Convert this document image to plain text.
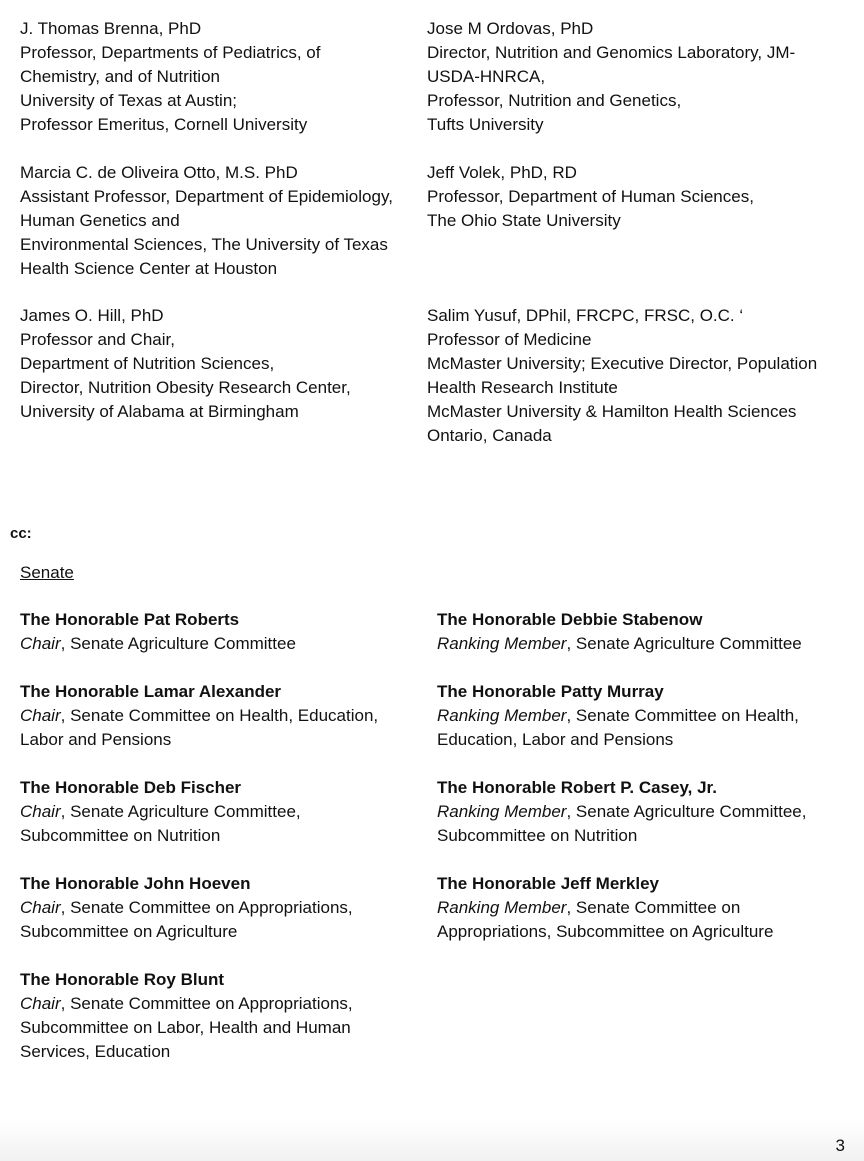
J. Thomas Brenna, PhD
Professor, Departments of Pediatrics, of
Chemistry, and of Nutrition
University of Texas at Austin;
Professor Emeritus, Cornell University
Jose M Ordovas, PhD
Director, Nutrition and Genomics Laboratory, JM-
USDA-HNRCA,
Professor, Nutrition and Genetics,
Tufts University
Marcia C. de Oliveira Otto, M.S. PhD
Assistant Professor, Department of Epidemiology,
Human Genetics and
Environmental Sciences, The University of Texas
Health Science Center at Houston
Jeff Volek, PhD, RD
Professor, Department of Human Sciences,
The Ohio State University
James O. Hill, PhD
Professor and Chair,
Department of Nutrition Sciences,
Director, Nutrition Obesity Research Center,
University of Alabama at Birmingham
Salim Yusuf, DPhil, FRCPC, FRSC, O.C. ‘
Professor of Medicine
McMaster University; Executive Director, Population
Health Research Institute
McMaster University & Hamilton Health Sciences
Ontario, Canada
cc:
Senate
The Honorable Pat Roberts
Chair, Senate Agriculture Committee
The Honorable Debbie Stabenow
Ranking Member, Senate Agriculture Committee
The Honorable Lamar Alexander
Chair, Senate Committee on Health, Education,
Labor and Pensions
The Honorable Patty Murray
Ranking Member, Senate Committee on Health,
Education, Labor and Pensions
The Honorable Deb Fischer
Chair, Senate Agriculture Committee,
Subcommittee on Nutrition
The Honorable Robert P. Casey, Jr.
Ranking Member, Senate Agriculture Committee,
Subcommittee on Nutrition
The Honorable John Hoeven
Chair, Senate Committee on Appropriations,
Subcommittee on Agriculture
The Honorable Jeff Merkley
Ranking Member, Senate Committee on
Appropriations, Subcommittee on Agriculture
The Honorable Roy Blunt
Chair, Senate Committee on Appropriations,
Subcommittee on Labor, Health and Human
Services, Education
3
